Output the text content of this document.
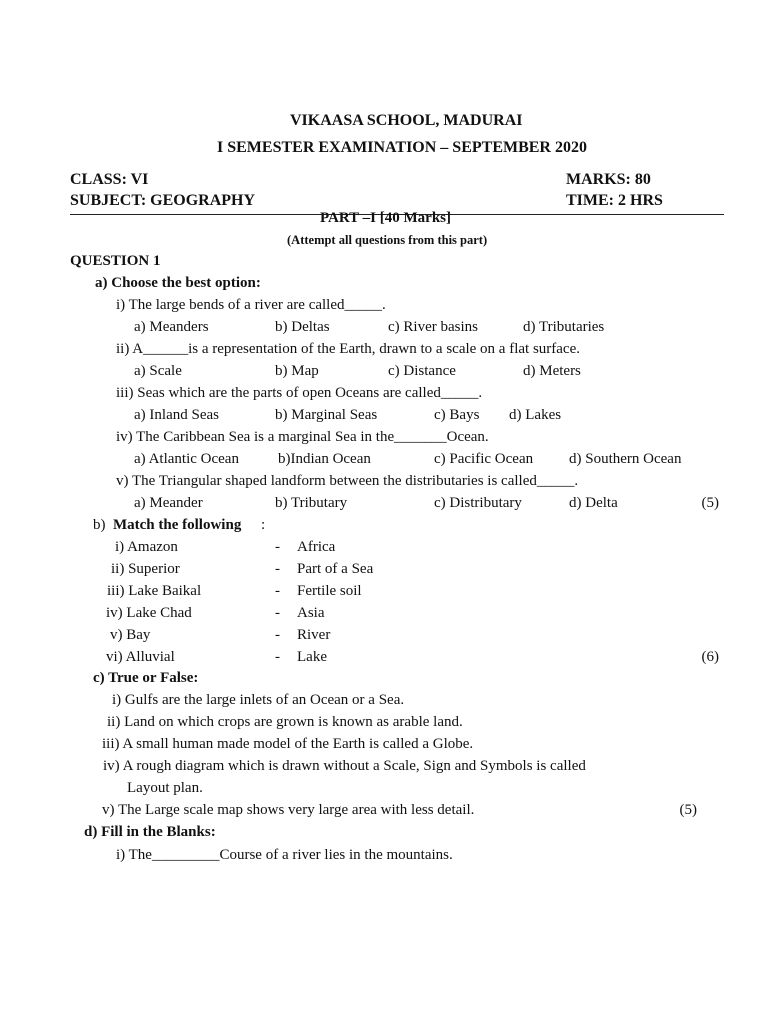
VIKAASA SCHOOL, MADURAI
I SEMESTER EXAMINATION – SEPTEMBER 2020
CLASS: VI	MARKS: 80
SUBJECT: GEOGRAPHY	TIME: 2 HRS
PART –I [40 Marks]
(Attempt all questions from this part)
QUESTION 1
a) Choose the best option:
i) The large bends of a river are called_____.
a) Meanders	b) Deltas	c) River basins	d) Tributaries
ii) A______is a representation of the Earth, drawn to a scale on a flat surface.
a) Scale	b) Map	c) Distance	d) Meters
iii) Seas which are the parts of open Oceans are called_____.
a) Inland Seas	b) Marginal Seas	c) Bays d) Lakes
iv) The Caribbean Sea is a marginal Sea in the_______Ocean.
a) Atlantic Ocean	b)Indian Ocean	c) Pacific Ocean d) Southern Ocean
v) The Triangular shaped landform between the distributaries is called_____.
a) Meander	b) Tributary	c) Distributary	d) Delta	(5)
b) Match the following :
i) Amazon	- Africa
ii) Superior	- Part of a Sea
iii) Lake Baikal	- Fertile soil
iv) Lake Chad	- Asia
v) Bay	- River
vi) Alluvial	- Lake	(6)
c) True or False:
i) Gulfs are the large inlets of an Ocean or a Sea.
ii) Land on which crops are grown is known as arable land.
iii) A small human made model of the Earth is called a Globe.
iv) A rough diagram which is drawn without a Scale, Sign and Symbols is called
Layout plan.
v) The Large scale map shows very large area with less detail.	(5)
d) Fill in the Blanks:
i) The_________Course of a river lies in the mountains.
